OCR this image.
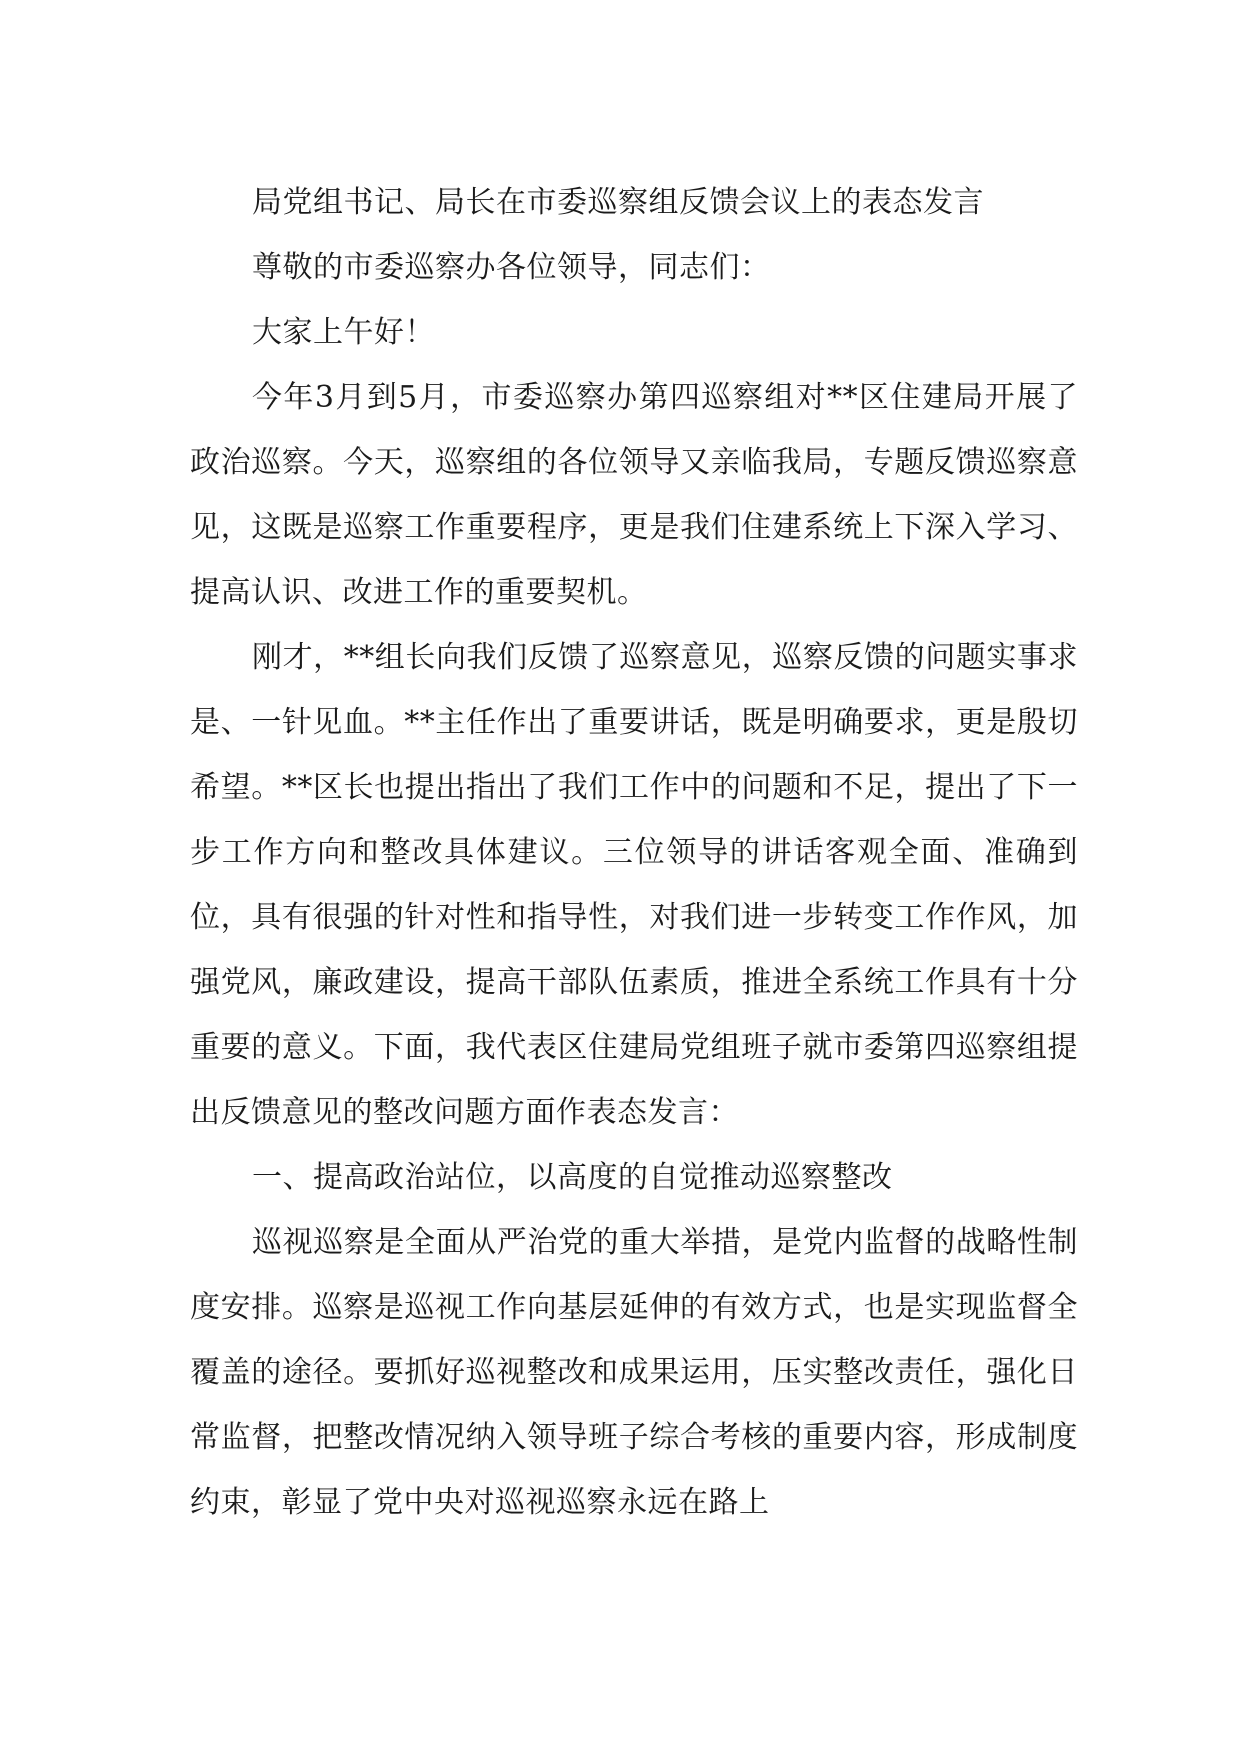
局党组书记、局长在市委巡察组反馈会议上的表态发言

尊敬的市委巡察办各位领导，同志们：

大家上午好！

今年3月到5月，市委巡察办第四巡察组对**区住建局开展了政治巡察。今天，巡察组的各位领导又亲临我局，专题反馈巡察意见，这既是巡察工作重要程序，更是我们住建系统上下深入学习、提高认识、改进工作的重要契机。

刚才，**组长向我们反馈了巡察意见，巡察反馈的问题实事求是、一针见血。**主任作出了重要讲话，既是明确要求，更是殷切希望。**区长也提出指出了我们工作中的问题和不足，提出了下一步工作方向和整改具体建议。三位领导的讲话客观全面、准确到位，具有很强的针对性和指导性，对我们进一步转变工作作风，加强党风，廉政建设，提高干部队伍素质，推进全系统工作具有十分重要的意义。下面，我代表区住建局党组班子就市委第四巡察组提出反馈意见的整改问题方面作表态发言：

一、提高政治站位，以高度的自觉推动巡察整改

巡视巡察是全面从严治党的重大举措，是党内监督的战略性制度安排。巡察是巡视工作向基层延伸的有效方式，也是实现监督全覆盖的途径。要抓好巡视整改和成果运用，压实整改责任，强化日常监督，把整改情况纳入领导班子综合考核的重要内容，形成制度约束，彰显了党中央对巡视巡察永远在路上
